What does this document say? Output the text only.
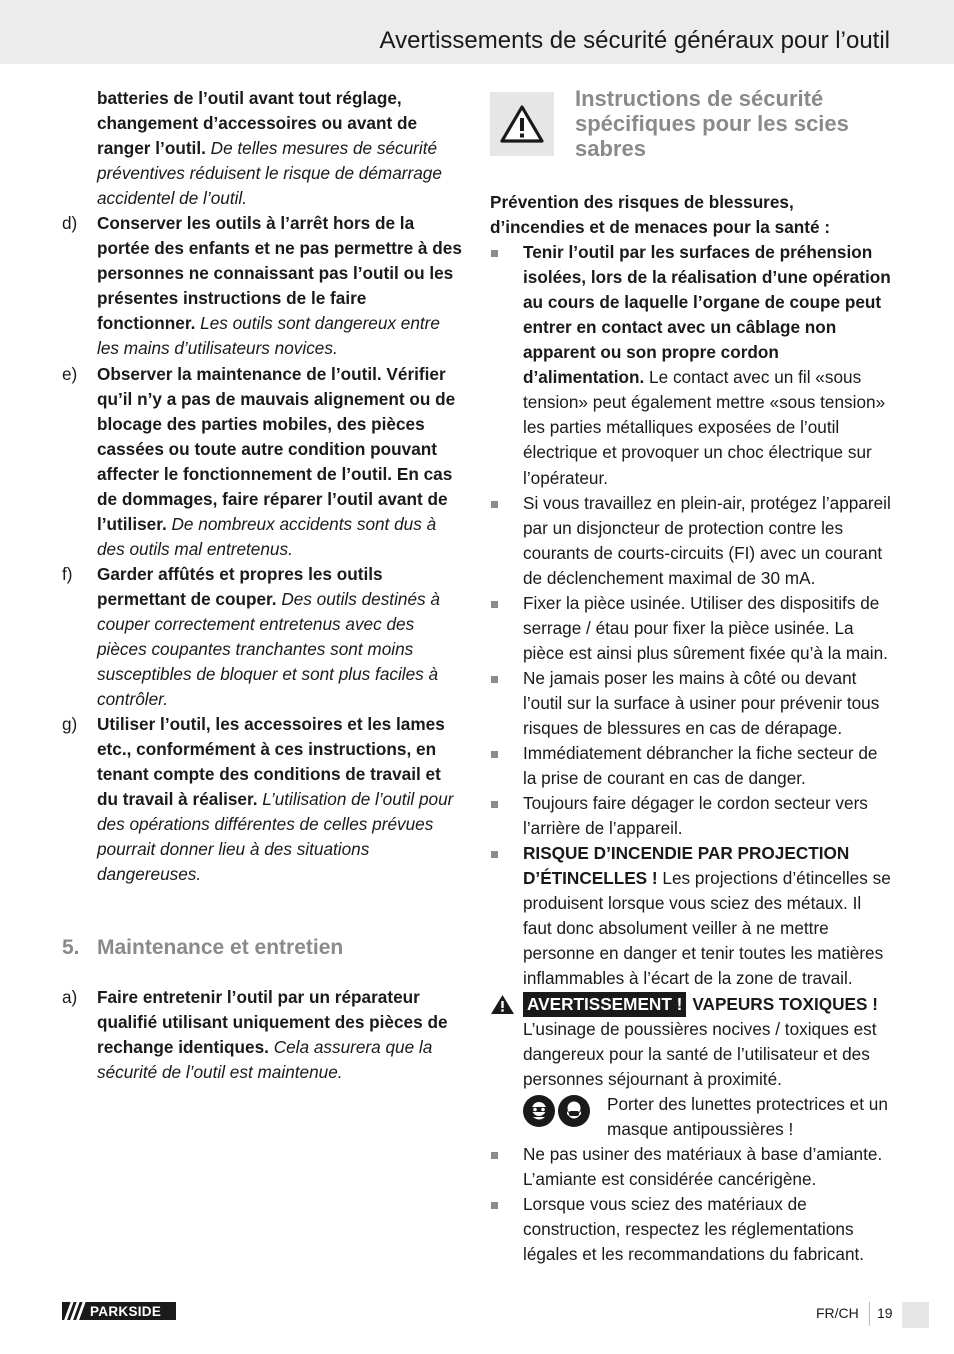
Avertissements de sécurité généraux pour l’outil
batteries de l’outil avant tout réglage, changement d’accessoires ou avant de ranger l’outil. De telles mesures de sécurité préventives réduisent le risque de démarrage accidentel de l’outil.
d)	Conserver les outils à l’arrêt hors de la portée des enfants et ne pas permettre à des personnes ne connaissant pas l’outil ou les présentes instructions de le faire fonctionner. Les outils sont dangereux entre les mains d’utilisateurs novices.
e)	Observer la maintenance de l’outil. Vérifier qu’il n’y a pas de mauvais alignement ou de blocage des parties mobiles, des pièces cassées ou toute autre condition pouvant affecter le fonctionnement de l’outil. En cas de dommages, faire réparer l’outil avant de l’utiliser. De nombreux accidents sont dus à des outils mal entretenus.
f)	Garder affûtés et propres les outils permettant de couper. Des outils destinés à couper correctement entretenus avec des pièces coupantes tranchantes sont moins susceptibles de bloquer et sont plus faciles à contrôler.
g)	Utiliser l’outil, les accessoires et les lames etc., conformément à ces instructions, en tenant compte des conditions de travail et du travail à réaliser. L’utilisation de l’outil pour des opérations différentes de celles prévues pourrait donner lieu à des situations dangereuses.
5. Maintenance et entretien
a)	Faire entretenir l’outil par un réparateur qualifié utilisant uniquement des pièces de rechange identiques. Cela assurera que la sécurité de l’outil est maintenue.
Instructions de sécurité spécifiques pour les scies sabres

Prévention des risques de blessures, d’incendies et de menaces pour la santé :

Tenir l’outil par les surfaces de préhension isolées, lors de la réalisation d’une opération au cours de laquelle l’organe de coupe peut entrer en contact avec un câblage non apparent ou son propre cordon d’alimentation. Le contact avec un fil «sous tension» peut également mettre «sous tension» les parties métalliques exposées de l’outil électrique et provoquer un choc électrique sur l’opérateur.
Si vous travaillez en plein-air, protégez l’appareil par un disjoncteur de protection contre les courants de courts-circuits (FI) avec un courant de déclenchement maximal de 30 mA.
Fixer la pièce usinée. Utiliser des dispositifs de serrage / étau pour fixer la pièce usinée. La pièce est ainsi plus sûrement fixée qu’à la main.
Ne jamais poser les mains à côté ou devant l’outil sur la surface à usiner pour prévenir tous risques de blessures en cas de dérapage.
Immédiatement débrancher la fiche secteur de la prise de courant en cas de danger.
Toujours faire dégager le cordon secteur vers l’arrière de l’appareil.
RISQUE D’INCENDIE PAR PROJECTION D’ÉTINCELLES ! Les projections d’étincelles se produisent lorsque vous sciez des métaux. Il faut donc absolument veiller à ne mettre personne en danger et tenir toutes les matières inflammables à l’écart de la zone de travail.
AVERTISSEMENT ! VAPEURS TOXIQUES !
L’usinage de poussières nocives / toxiques est dangereux pour la santé de l’utilisateur et des personnes séjournant à proximité.
Porter des lunettes protectrices et un masque antipoussières !
Ne pas usiner des matériaux à base d’amiante. L’amiante est considérée cancérigène.
Lorsque vous sciez des matériaux de construction, respectez les réglementations légales et les recommandations du fabricant.
PARKSIDE	FR/CH 19
